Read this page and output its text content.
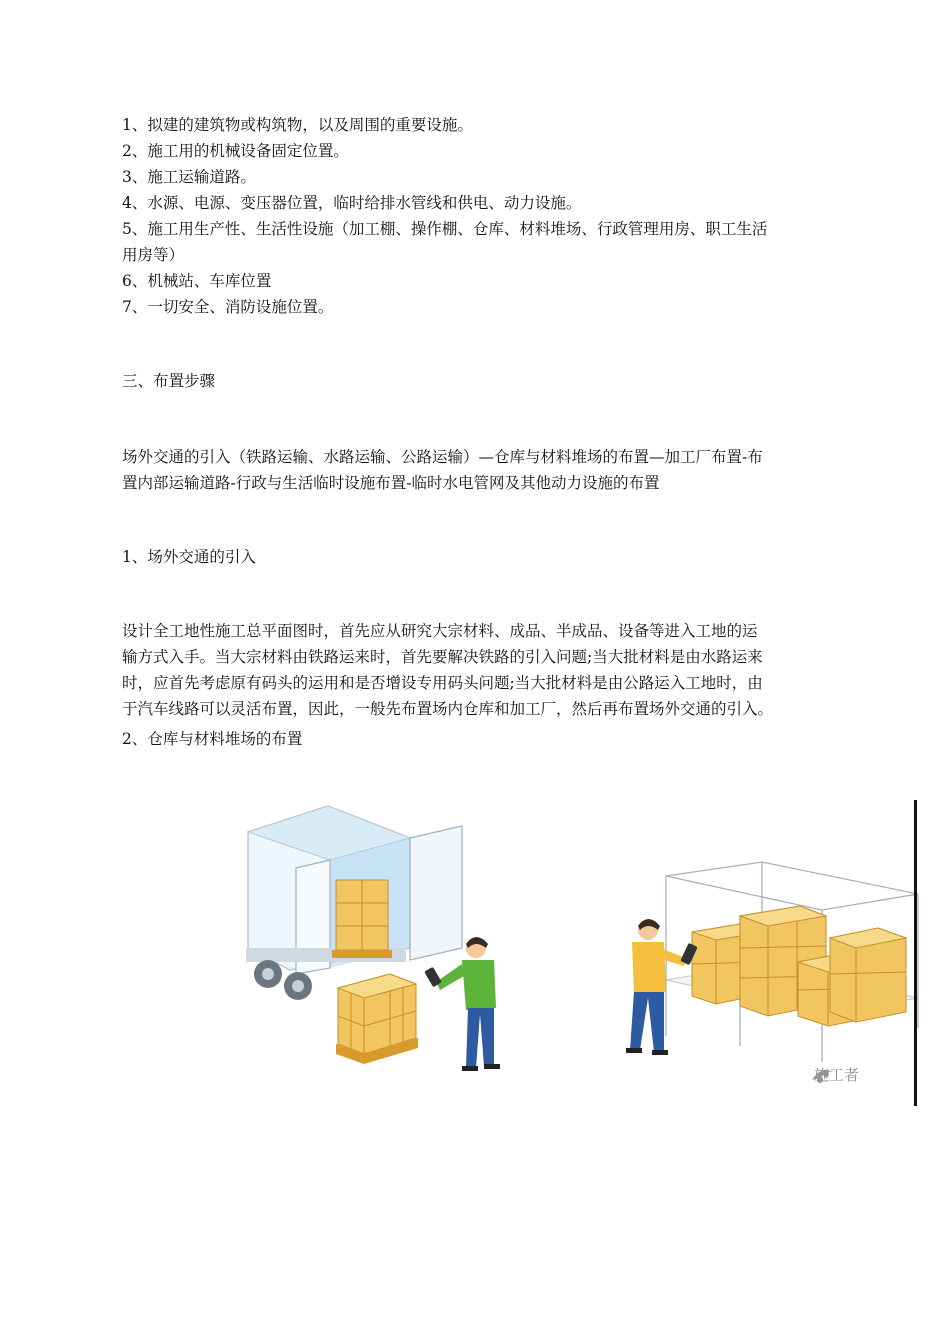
1、拟建的建筑物或构筑物，以及周围的重要设施。
2、施工用的机械设备固定位置。
3、施工运输道路。
4、水源、电源、变压器位置，临时给排水管线和供电、动力设施。
5、施工用生产性、生活性设施（加工棚、操作棚、仓库、材料堆场、行政管理用房、职工生活
用房等）
6、机械站、车库位置
7、一切安全、消防设施位置。
三、布置步骤
场外交通的引入（铁路运输、水路运输、公路运输）—仓库与材料堆场的布置—加工厂布置-布
置内部运输道路-行政与生活临时设施布置-临时水电管网及其他动力设施的布置
1、场外交通的引入
设计全工地性施工总平面图时，首先应从研究大宗材料、成品、半成品、设备等进入工地的运
输方式入手。当大宗材料由铁路运来时，首先要解决铁路的引入问题;当大批材料是由水路运来
时，应首先考虑原有码头的运用和是否增设专用码头问题;当大批材料是由公路运入工地时，由
于汽车线路可以灵活布置，因此，一般先布置场内仓库和加工厂，然后再布置场外交通的引入。
2、仓库与材料堆场的布置
施工者
